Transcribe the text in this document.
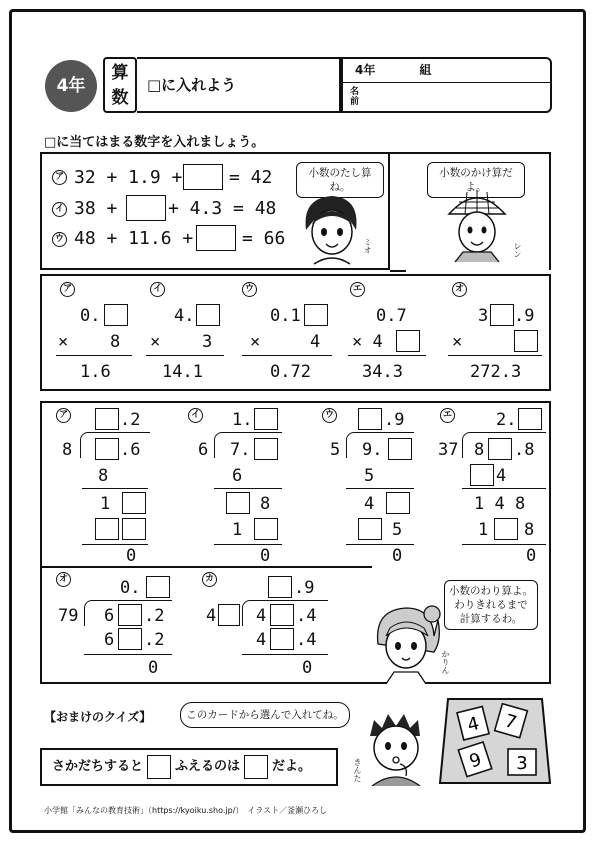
4年
算
数
□に入れよう
4年	組
名
前
□に当てはまる数字を入れましょう。
ア 32 + 1.9 +	= 42
イ 38 +	+ 4.3 = 48
ウ 48 + 11.6 +	= 66
小数のたし算ね。
ミオ
小数のかけ算だよ。
レン
ア
0.
× 8
1.6
イ
4.
× 3
14.1
ウ
0.1
×	4
0.72
エ
0.7
× 4
34.3
オ
3 .9
×
272.3
ア	.2
8	.6
8
1
0
イ 1.
6 7.
6
8
1
0
ウ	.9
5 9.
5
4
5
0
エ	2.
37 8 .8
4
1 4 8
1 8
0
オ	0.
79 6 .2
6 .2
0
カ	.9
4 4 .4
4 .4
0
小数のわり算よ。
わりきれるまで
計算するわ。
かりん
【おまけのクイズ】	このカードから選んで入れてね。
さかだちすると ふえるのは だよ。	きんた
4 7
9 3
小学館「みんなの教育技術」（https://kyoiku.sho.jp/）　イラスト／釜瀬ひろし
